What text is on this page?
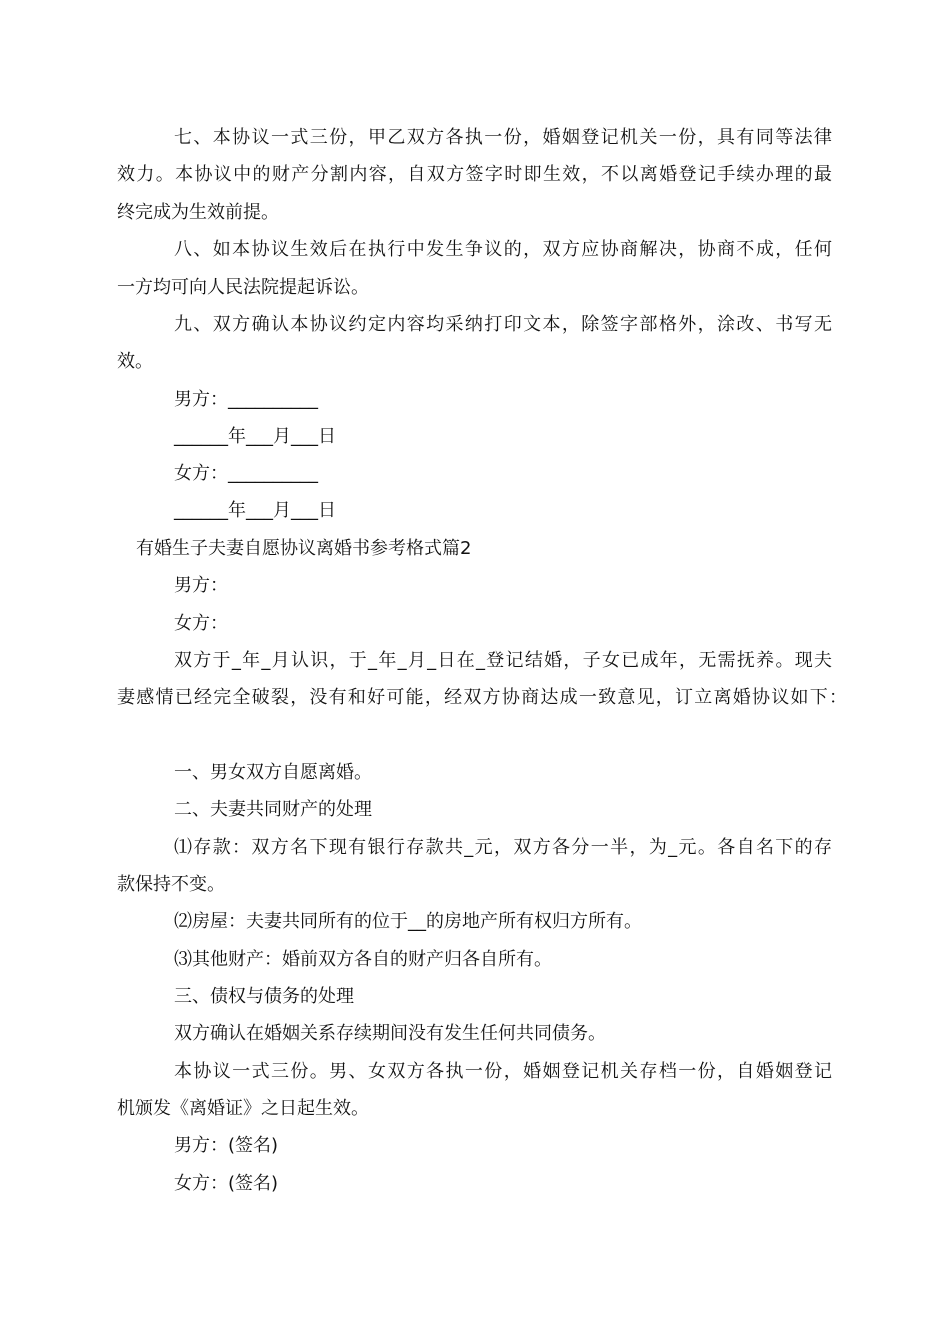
七、本协议一式三份，甲乙双方各执一份，婚姻登记机关一份，具有同等法律
效力。本协议中的财产分割内容，自双方签字时即生效，不以离婚登记手续办理的最
终完成为生效前提。
八、如本协议生效后在执行中发生争议的，双方应协商解决，协商不成，任何
一方均可向人民法院提起诉讼。
九、双方确认本协议约定内容均采纳打印文本，除签字部格外，涂改、书写无
效。
男方：__________
______年___月___日
女方：__________
______年___月___日
有婚生子夫妻自愿协议离婚书参考格式篇2
男方：
女方：
双方于_年_月认识，于_年_月_日在_登记结婚，子女已成年，无需抚养。现夫
妻感情已经完全破裂，没有和好可能，经双方协商达成一致意见，订立离婚协议如下：
一、男女双方自愿离婚。
二、夫妻共同财产的处理
⑴存款：双方名下现有银行存款共_元，双方各分一半，为_元。各自名下的存
款保持不变。
⑵房屋：夫妻共同所有的位于__的房地产所有权归方所有。
⑶其他财产：婚前双方各自的财产归各自所有。
三、债权与债务的处理
双方确认在婚姻关系存续期间没有发生任何共同债务。
本协议一式三份。男、女双方各执一份，婚姻登记机关存档一份，自婚姻登记
机颁发《离婚证》之日起生效。
男方：(签名)
女方：(签名)
